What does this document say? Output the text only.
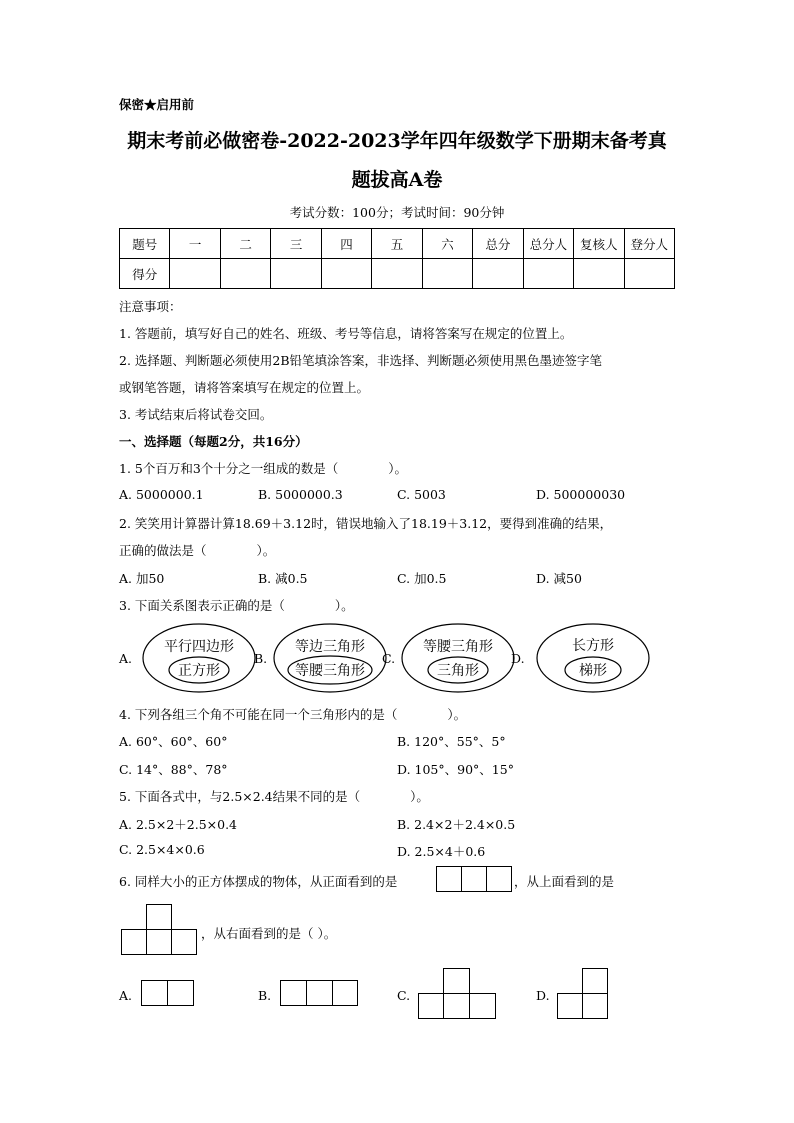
保密★启用前
期末考前必做密卷-2022-2023学年四年级数学下册期末备考真
题拔高A卷
考试分数：100分；考试时间：90分钟
题号	一	二	三	四	五	六	总分	总分人	复核人	登分人
得分										
注意事项：
1. 答题前，填写好自己的姓名、班级、考号等信息，请将答案写在规定的位置上。
2. 选择题、判断题必须使用2B铅笔填涂答案，非选择、判断题必须使用黑色墨迹签字笔
或钢笔答题，请将答案填写在规定的位置上。
3. 考试结束后将试卷交回。
一、选择题（每题2分，共16分）
1. 5个百万和3个十分之一组成的数是（　　　　）。
A. 5000000.1	B. 5000000.3	C. 5003	D. 500000030
2. 笑笑用计算器计算18.69＋3.12时，错误地输入了18.19＋3.12，要得到准确的结果，
正确的做法是（　　　　）。
A. 加50	B. 减0.5	C. 加0.5	D. 减50
3. 下面关系图表示正确的是（　　　　）。
A.
平行四边形
正方形
B.
等边三角形
等腰三角形
C.
等腰三角形
三角形
D.
长方形
梯形
4. 下列各组三个角不可能在同一个三角形内的是（　　　　）。
A. 60°、60°、60°	B. 120°、55°、5°
C. 14°、88°、78°	D. 105°、90°、15°
5. 下面各式中，与2.5×2.4结果不同的是（　　　　）。
A. 2.5×2＋2.5×0.4	B. 2.4×2＋2.4×0.5
C. 2.5×4×0.6	D. 2.5×4＋0.6
6. 同样大小的正方体摆成的物体，从正面看到的是	，从上面看到的是
，从右面看到的是（ ）。
A.	B.	C.	D.
